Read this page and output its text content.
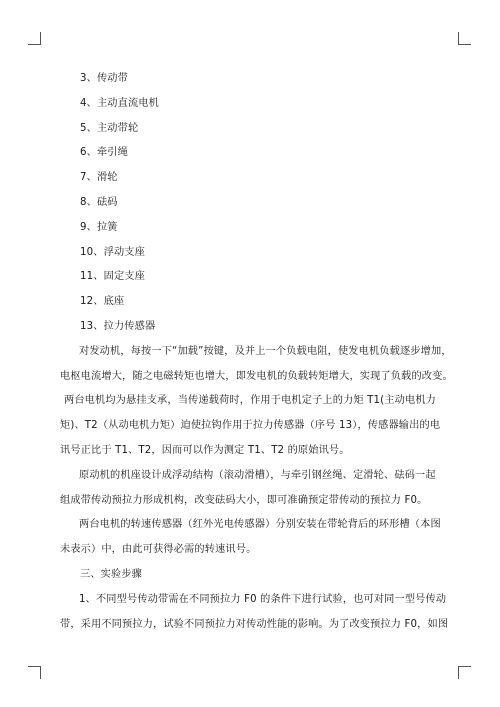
3、传动带

4、主动直流电机

5、主动带轮

6、牵引绳

7、滑轮

8、砝码

9、拉簧

10、浮动支座

11、固定支座

12、底座

13、拉力传感器

对发动机，每按一下“加载”按键，及并上一个负载电阻，使发电机负载逐步增加，

电枢电流增大，随之电磁转矩也增大，即发电机的负载转矩增大，实现了负载的改变。

两台电机均为悬挂支承，当传递载荷时，作用于电机定子上的力矩 T1(主动电机力

矩)、T2（从动电机力矩）迫使拉钩作用于拉力传感器（序号 13），传感器输出的电

讯号正比于 T1、T2，因而可以作为测定 T1、T2 的原始讯号。

原动机的机座设计成浮动结构（滚动滑槽），与牵引钢丝绳、定滑轮、砝码一起

组成带传动预拉力形成机构，改变砝码大小，即可准确预定带传动的预拉力 F0。

两台电机的转速传感器（红外光电传感器）分别安装在带轮背后的环形槽（本图

未表示）中，由此可获得必需的转速讯号。

三、实验步骤

1、不同型号传动带需在不同预拉力 F0 的条件下进行试验，也可对同一型号传动

带，采用不同预拉力，试验不同预拉力对传动性能的影响。为了改变预拉力 F0，如图
